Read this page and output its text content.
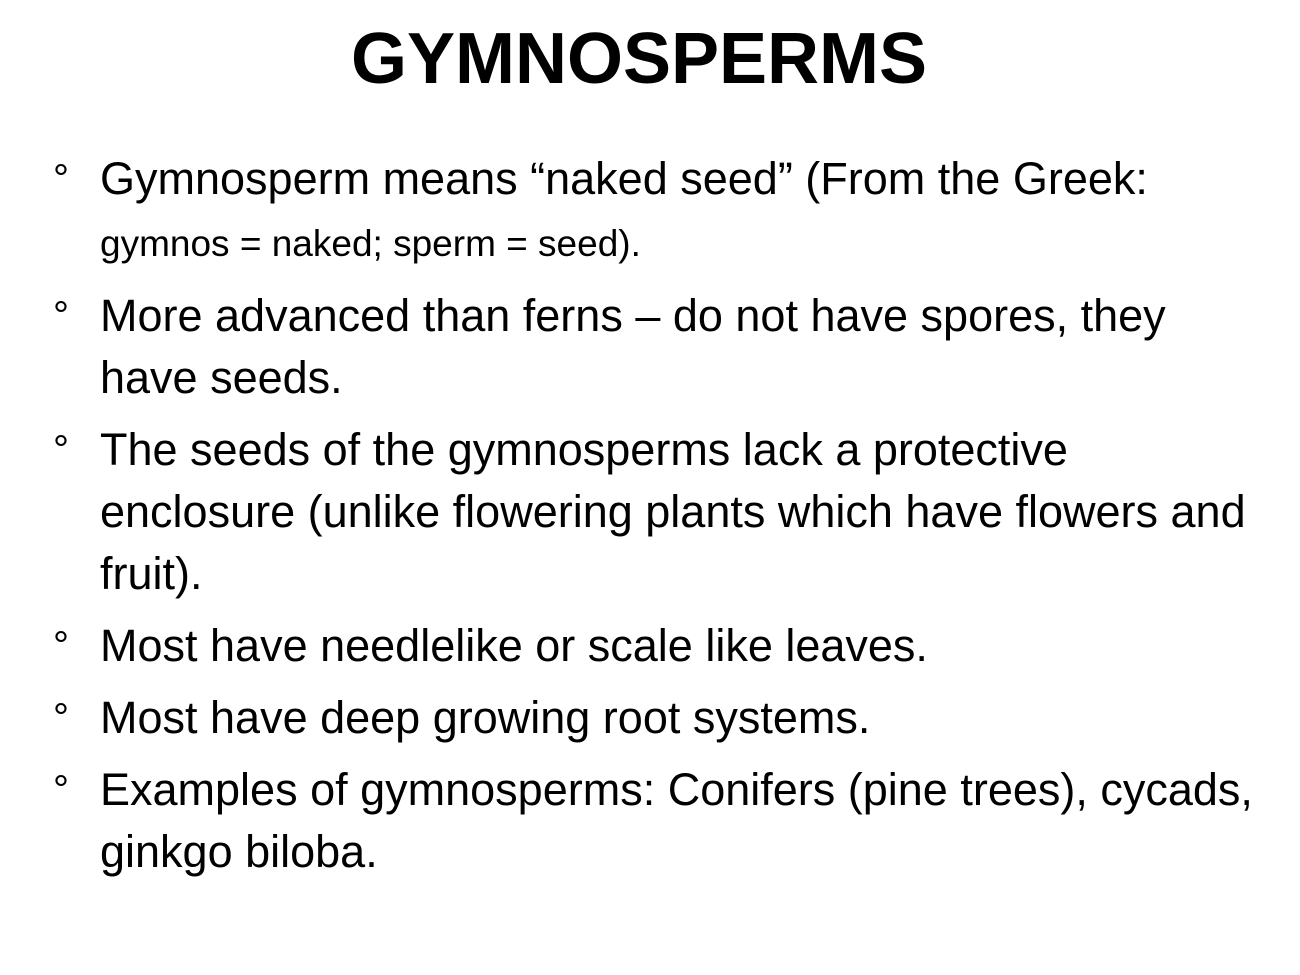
GYMNOSPERMS
° Gymnosperm means “naked seed” (From the Greek: gymnos = naked; sperm = seed).
° More advanced than ferns – do not have spores, they have seeds.
° The seeds of the gymnosperms lack a protective enclosure (unlike flowering plants which have flowers and fruit).
° Most have needlelike or scale like leaves.
° Most have deep growing root systems.
° Examples of gymnosperms: Conifers (pine trees), cycads, ginkgo biloba.
